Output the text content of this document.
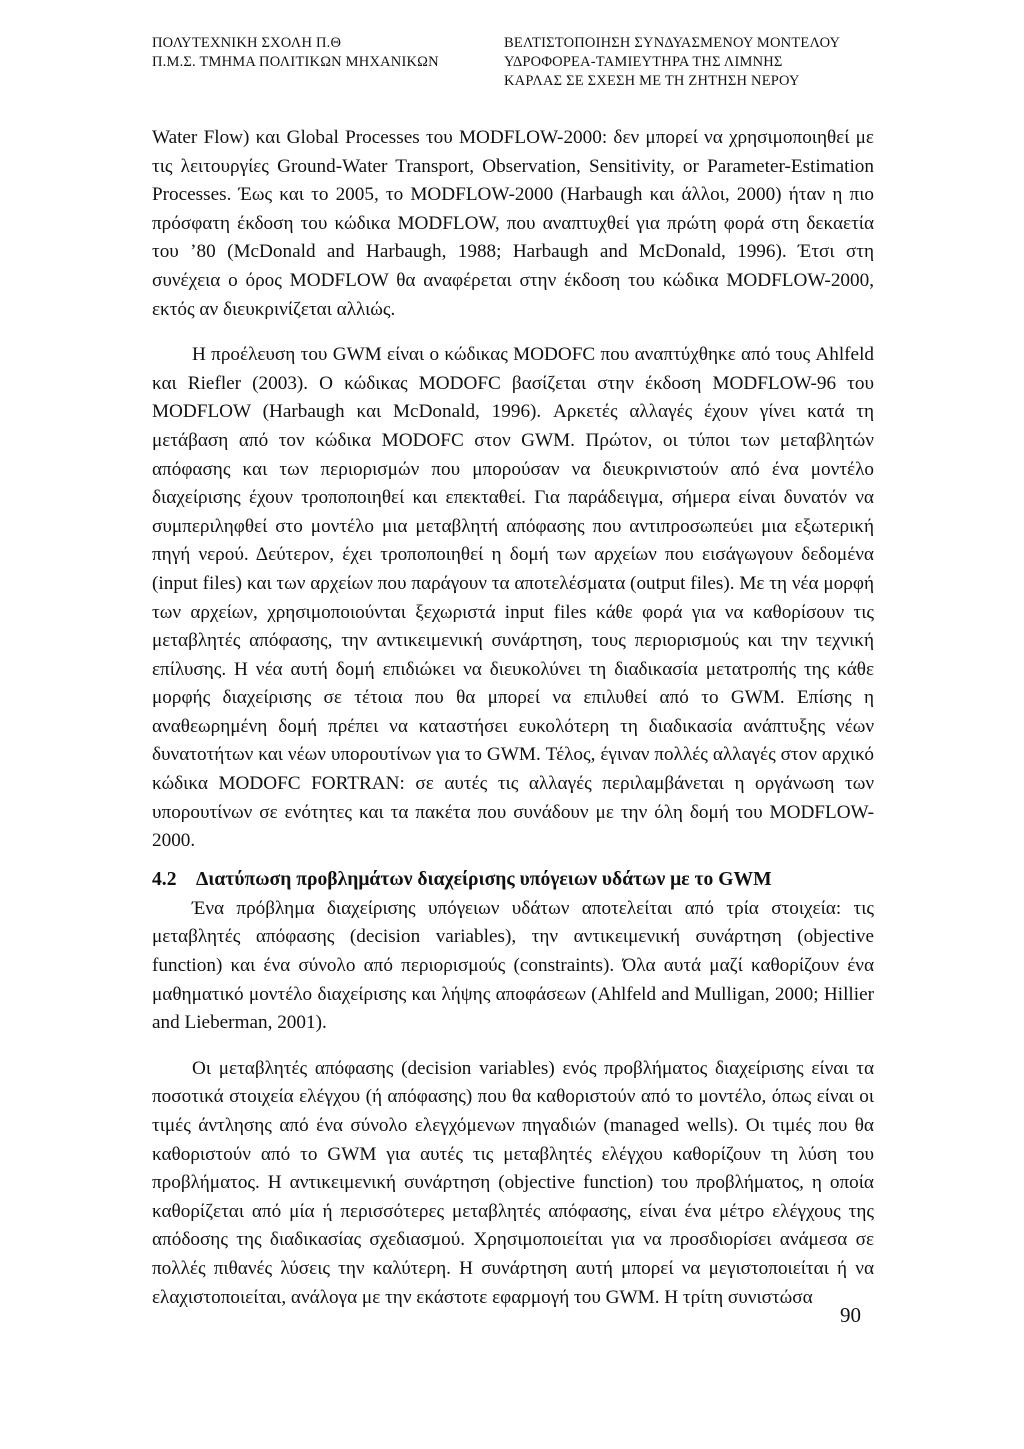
ΠΟΛΥΤΕΧΝΙΚΗ ΣΧΟΛΗ Π.Θ
Π.Μ.Σ. ΤΜΗΜΑ ΠΟΛΙΤΙΚΩΝ ΜΗΧΑΝΙΚΩΝ
ΒΕΛΤΙΣΤΟΠΟΙΗΣΗ ΣΥΝΔΥΑΣΜΕΝΟΥ ΜΟΝΤΕΛΟΥ
ΥΔΡΟΦΟΡΕΑ-ΤΑΜΙΕΥΤΗΡΑ ΤΗΣ ΛΙΜΝΗΣ
ΚΑΡΛΑΣ ΣΕ ΣΧΕΣΗ ΜΕ ΤΗ ΖΗΤΗΣΗ ΝΕΡΟΥ

Water Flow) και Global Processes του MODFLOW-2000: δεν μπορεί να χρησιμοποιηθεί με τις λειτουργίες Ground-Water Transport, Observation, Sensitivity, or Parameter-Estimation Processes. Έως και το 2005, το MODFLOW-2000 (Harbaugh και άλλοι, 2000) ήταν η πιο πρόσφατη έκδοση του κώδικα MODFLOW, που αναπτυχθεί για πρώτη φορά στη δεκαετία του ’80 (McDonald and Harbaugh, 1988; Harbaugh and McDonald, 1996). Έτσι στη συνέχεια ο όρος MODFLOW θα αναφέρεται στην έκδοση του κώδικα MODFLOW-2000, εκτός αν διευκρινίζεται αλλιώς.

Η προέλευση του GWM είναι ο κώδικας MODOFC που αναπτύχθηκε από τους Ahlfeld και Riefler (2003). Ο κώδικας MODOFC βασίζεται στην έκδοση MODFLOW-96 του MODFLOW (Harbaugh και McDonald, 1996). Αρκετές αλλαγές έχουν γίνει κατά τη μετάβαση από τον κώδικα MODOFC στον GWM. Πρώτον, οι τύποι των μεταβλητών απόφασης και των περιορισμών που μπορούσαν να διευκρινιστούν από ένα μοντέλο διαχείρισης έχουν τροποποιηθεί και επεκταθεί. Για παράδειγμα, σήμερα είναι δυνατόν να συμπεριληφθεί στο μοντέλο μια μεταβλητή απόφασης που αντιπροσωπεύει μια εξωτερική πηγή νερού. Δεύτερον, έχει τροποποιηθεί η δομή των αρχείων που εισάγωγουν δεδομένα (input files) και των αρχείων που παράγουν τα αποτελέσματα (output files). Με τη νέα μορφή των αρχείων, χρησιμοποιούνται ξεχωριστά input files κάθε φορά για να καθορίσουν τις μεταβλητές απόφασης, την αντικειμενική συνάρτηση, τους περιορισμούς και την τεχνική επίλυσης. Η νέα αυτή δομή επιδιώκει να διευκολύνει τη διαδικασία μετατροπής της κάθε μορφής διαχείρισης σε τέτοια που θα μπορεί να επιλυθεί από το GWM. Επίσης η αναθεωρημένη δομή πρέπει να καταστήσει ευκολότερη τη διαδικασία ανάπτυξης νέων δυνατοτήτων και νέων υπορουτίνων για το GWM. Τέλος, έγιναν πολλές αλλαγές στον αρχικό κώδικα MODOFC FORTRAN: σε αυτές τις αλλαγές περιλαμβάνεται η οργάνωση των υπορουτίνων σε ενότητες και τα πακέτα που συνάδουν με την όλη δομή του MODFLOW-2000.

4.2 Διατύπωση προβλημάτων διαχείρισης υπόγειων υδάτων με το GWM

Ένα πρόβλημα διαχείρισης υπόγειων υδάτων αποτελείται από τρία στοιχεία: τις μεταβλητές απόφασης (decision variables), την αντικειμενική συνάρτηση (objective function) και ένα σύνολο από περιορισμούς (constraints). Όλα αυτά μαζί καθορίζουν ένα μαθηματικό μοντέλο διαχείρισης και λήψης αποφάσεων (Ahlfeld and Mulligan, 2000; Hillier and Lieberman, 2001).

Οι μεταβλητές απόφασης (decision variables) ενός προβλήματος διαχείρισης είναι τα ποσοτικά στοιχεία ελέγχου (ή απόφασης) που θα καθοριστούν από το μοντέλο, όπως είναι οι τιμές άντλησης από ένα σύνολο ελεγχόμενων πηγαδιών (managed wells). Οι τιμές που θα καθοριστούν από το GWM για αυτές τις μεταβλητές ελέγχου καθορίζουν τη λύση του προβλήματος. Η αντικειμενική συνάρτηση (objective function) του προβλήματος, η οποία καθορίζεται από μία ή περισσότερες μεταβλητές απόφασης, είναι ένα μέτρο ελέγχους της απόδοσης της διαδικασίας σχεδιασμού. Χρησιμοποιείται για να προσδιορίσει ανάμεσα σε πολλές πιθανές λύσεις την καλύτερη. Η συνάρτηση αυτή μπορεί να μεγιστοποιείται ή να ελαχιστοποιείται, ανάλογα με την εκάστοτε εφαρμογή του GWM. Η τρίτη συνιστώσα

90
